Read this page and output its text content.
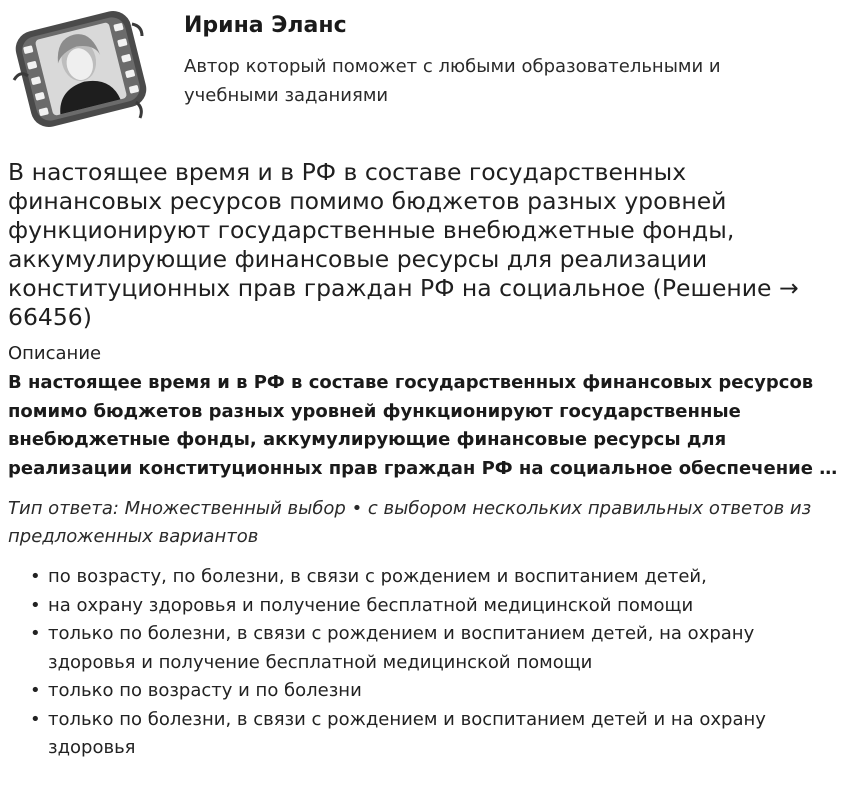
Ирина Эланс
Автор который поможет с любыми образовательными и учебными заданиями
В настоящее время и в РФ в составе государственных финансовых ресурсов помимо бюджетов разных уровней функционируют государственные внебюджетные фонды, аккумулирующие финансовые ресурсы для реализации конституционных прав граждан РФ на социальное (Решение → 66456)
Описание
В настоящее время и в РФ в составе государственных финансовых ресурсов помимо бюджетов разных уровней функционируют государственные внебюджетные фонды, аккумулирующие финансовые ресурсы для реализации конституционных прав граждан РФ на социальное обеспечение …
Тип ответа: Множественный выбор • с выбором нескольких правильных ответов из предложенных вариантов
• по возрасту, по болезни, в связи с рождением и воспитанием детей,
• на охрану здоровья и получение бесплатной медицинской помощи
• только по болезни, в связи с рождением и воспитанием детей, на охрану здоровья и получение бесплатной медицинской помощи
• только по возрасту и по болезни
• только по болезни, в связи с рождением и воспитанием детей и на охрану здоровья
